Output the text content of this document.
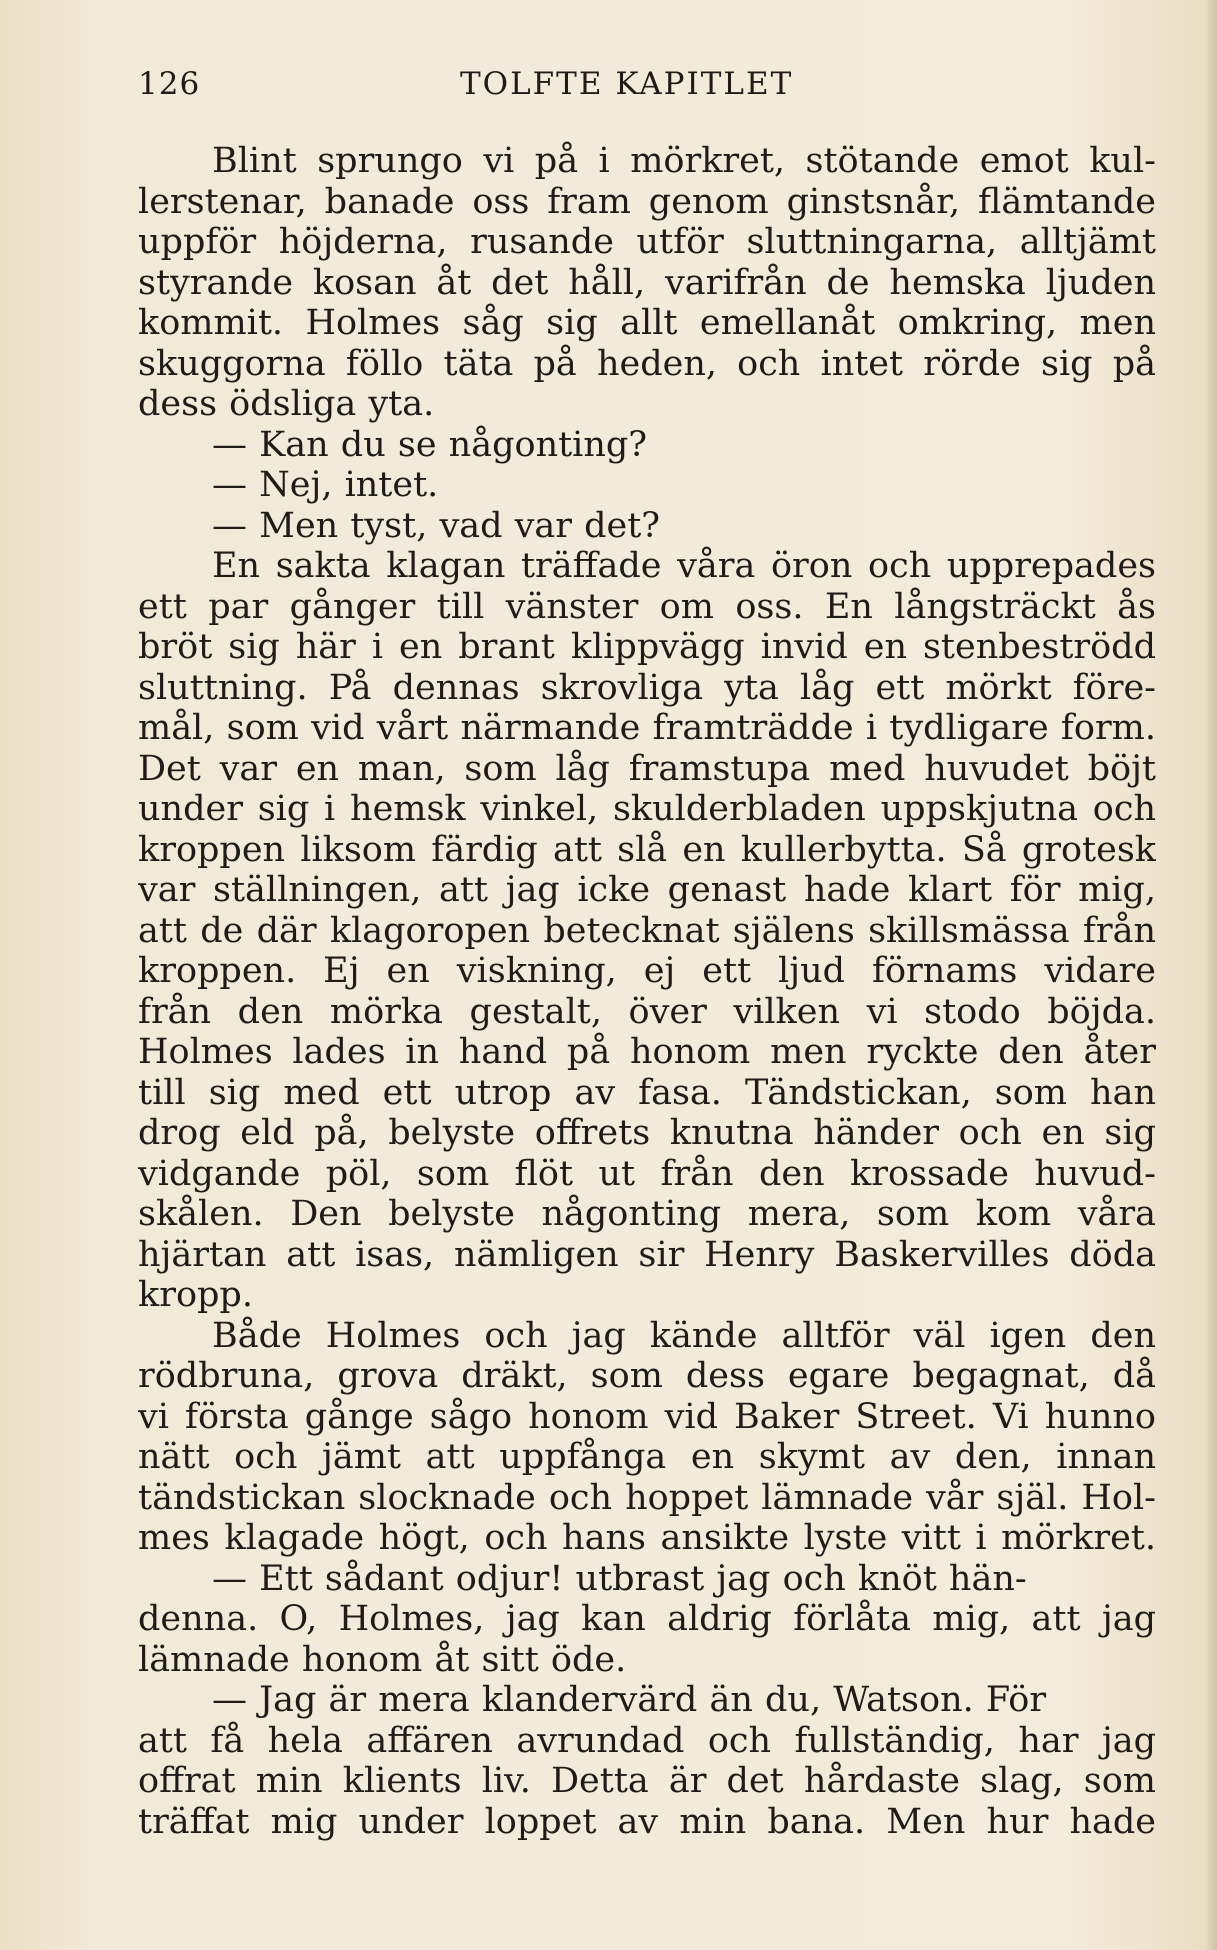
126	TOLFTE KAPITLET
Blint sprungo vi på i mörkret, stötande emot kul-
lerstenar, banade oss fram genom ginstsnår, flämtande
uppför höjderna, rusande utför sluttningarna, alltjämt
styrande kosan åt det håll, varifrån de hemska ljuden
kommit. Holmes såg sig allt emellanåt omkring, men
skuggorna föllo täta på heden, och intet rörde sig på
dess ödsliga yta.
— Kan du se någonting?
— Nej, intet.
— Men tyst, vad var det?
En sakta klagan träffade våra öron och upprepades
ett par gånger till vänster om oss. En långsträckt ås
bröt sig här i en brant klippvägg invid en stenbeströdd
sluttning. På dennas skrovliga yta låg ett mörkt före-
mål, som vid vårt närmande framträdde i tydligare form.
Det var en man, som låg framstupa med huvudet böjt
under sig i hemsk vinkel, skulderbladen uppskjutna och
kroppen liksom färdig att slå en kullerbytta. Så grotesk
var ställningen, att jag icke genast hade klart för mig,
att de där klagoropen betecknat själens skillsmässa från
kroppen. Ej en viskning, ej ett ljud förnams vidare
från den mörka gestalt, över vilken vi stodo böjda.
Holmes lades in hand på honom men ryckte den åter
till sig med ett utrop av fasa. Tändstickan, som han
drog eld på, belyste offrets knutna händer och en sig
vidgande pöl, som flöt ut från den krossade huvud-
skålen. Den belyste någonting mera, som kom våra
hjärtan att isas, nämligen sir Henry Baskervilles döda
kropp.
Både Holmes och jag kände alltför väl igen den
rödbruna, grova dräkt, som dess egare begagnat, då
vi första gånge sågo honom vid Baker Street. Vi hunno
nätt och jämt att uppfånga en skymt av den, innan
tändstickan slocknade och hoppet lämnade vår själ. Hol-
mes klagade högt, och hans ansikte lyste vitt i mörkret.
— Ett sådant odjur! utbrast jag och knöt hän-
denna. O, Holmes, jag kan aldrig förlåta mig, att jag
lämnade honom åt sitt öde.
— Jag är mera klandervärd än du, Watson. För
att få hela affären avrundad och fullständig, har jag
offrat min klients liv. Detta är det hårdaste slag, som
träffat mig under loppet av min bana. Men hur hade
